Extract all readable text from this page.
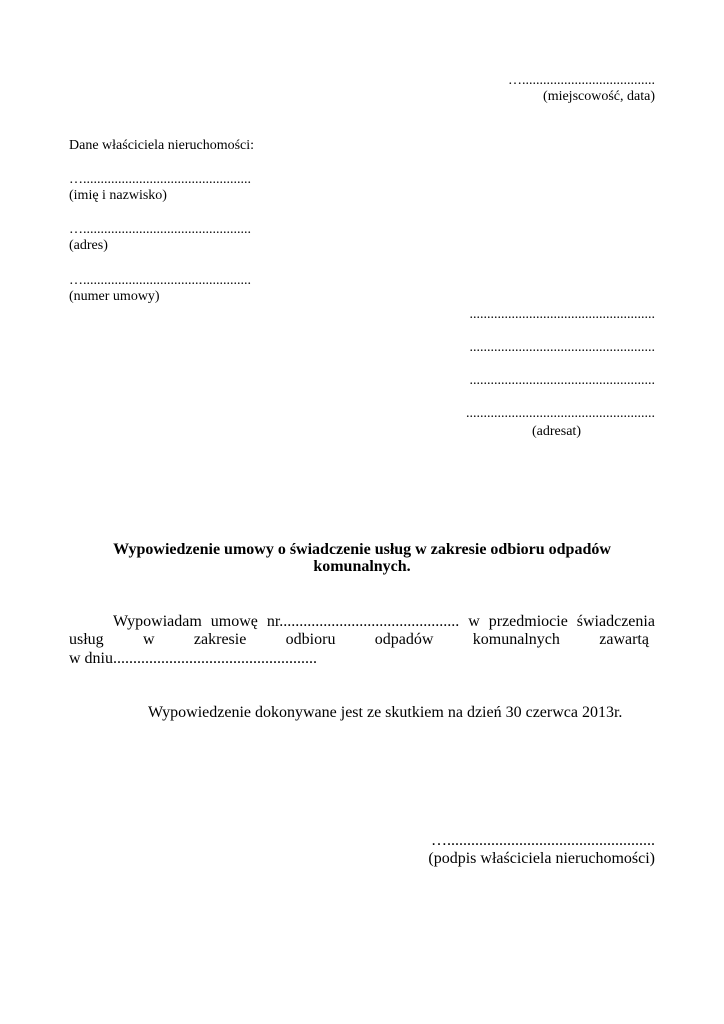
…......................................
(miejscowość, data)
Dane właściciela nieruchomości:
…................................................
(imię i nazwisko)
…................................................
(adres)
…................................................
(numer umowy)
.....................................................
.....................................................
.....................................................
......................................................
(adresat)
Wypowiedzenie umowy o świadczenie usług w zakresie odbioru odpadów
komunalnych.
Wypowiadam umowę nr............................................. w przedmiocie świadczenia
usług w zakresie odbioru odpadów komunalnych zawartą
w dniu...................................................
Wypowiedzenie dokonywane jest ze skutkiem na dzień 30 czerwca 2013r.
…....................................................
(podpis właściciela nieruchomości)
